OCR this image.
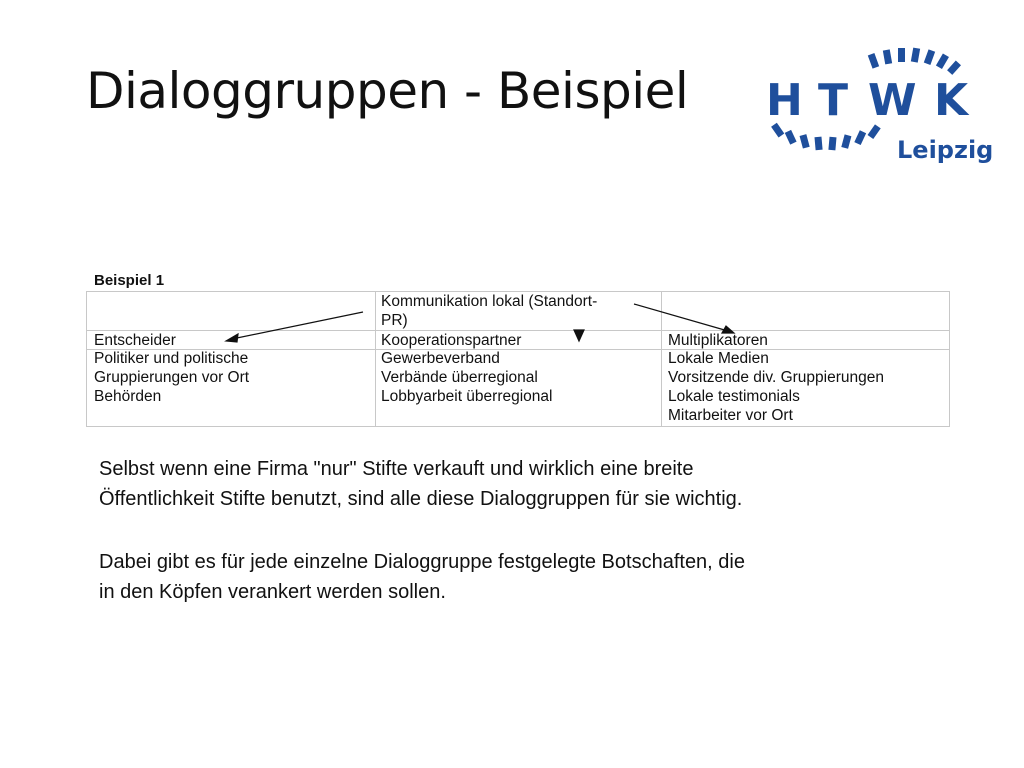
Dialoggruppen - Beispiel H T W K
Leipzig
Beispiel 1
Kommunikation lokal (Standort-
PR)
Entscheider	Kooperationspartner	Multiplikatoren
Politiker und politische
Gruppierungen vor Ort
Behörden
Gewerbeverband
Verbände überregional
Lobbyarbeit überregional
Lokale Medien
Vorsitzende div. Gruppierungen
Lokale testimonials
Mitarbeiter vor Ort

Selbst wenn eine Firma "nur" Stifte verkauft und wirklich eine breite

Öffentlichkeit Stifte benutzt, sind alle diese Dialoggruppen für sie wichtig.

Dabei gibt es für jede einzelne Dialoggruppe festgelegte Botschaften, die

in den Köpfen verankert werden sollen.
